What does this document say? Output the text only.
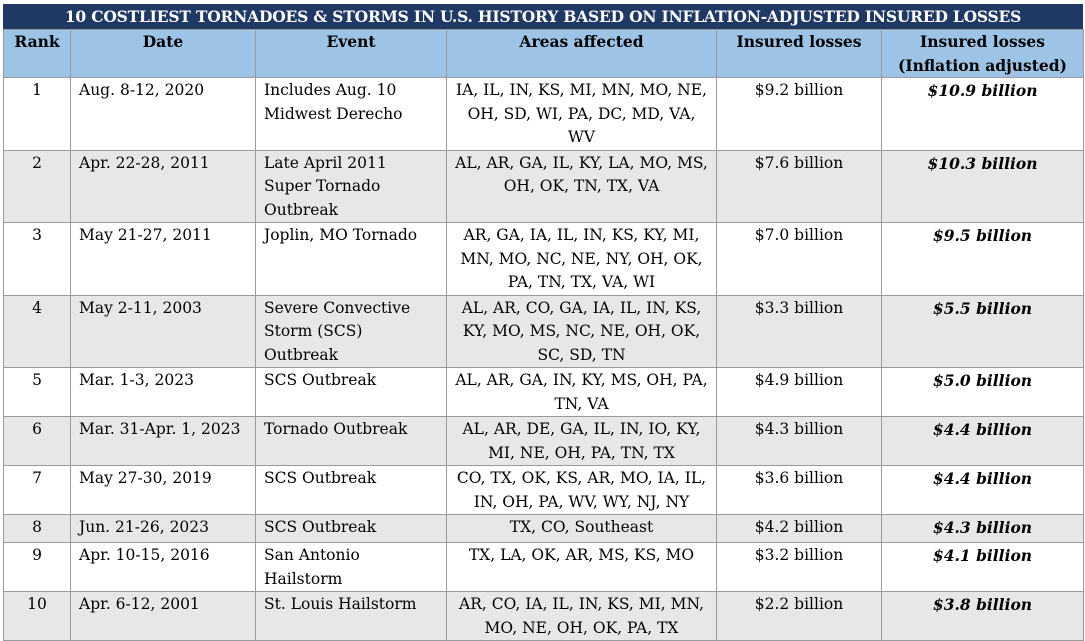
10 COSTLIEST TORNADOES & STORMS IN U.S. HISTORY BASED ON INFLATION-ADJUSTED INSURED LOSSES
Rank	Date	Event	Areas affected	Insured losses	Insured losses (Inflation adjusted)
1	Aug. 8-12, 2020	Includes Aug. 10 Midwest Derecho	IA, IL, IN, KS, MI, MN, MO, NE, OH, SD, WI, PA, DC, MD, VA, WV	$9.2 billion	$10.9 billion
2	Apr. 22-28, 2011	Late April 2011 Super Tornado Outbreak	AL, AR, GA, IL, KY, LA, MO, MS, OH, OK, TN, TX, VA	$7.6 billion	$10.3 billion
3	May 21-27, 2011	Joplin, MO Tornado	AR, GA, IA, IL, IN, KS, KY, MI, MN, MO, NC, NE, NY, OH, OK, PA, TN, TX, VA, WI	$7.0 billion	$9.5 billion
4	May 2-11, 2003	Severe Convective Storm (SCS) Outbreak	AL, AR, CO, GA, IA, IL, IN, KS, KY, MO, MS, NC, NE, OH, OK, SC, SD, TN	$3.3 billion	$5.5 billion
5	Mar. 1-3, 2023	SCS Outbreak	AL, AR, GA, IN, KY, MS, OH, PA, TN, VA	$4.9 billion	$5.0 billion
6	Mar. 31-Apr. 1, 2023	Tornado Outbreak	AL, AR, DE, GA, IL, IN, IO, KY, MI, NE, OH, PA, TN, TX	$4.3 billion	$4.4 billion
7	May 27-30, 2019	SCS Outbreak	CO, TX, OK, KS, AR, MO, IA, IL, IN, OH, PA, WV, WY, NJ, NY	$3.6 billion	$4.4 billion
8	Jun. 21-26, 2023	SCS Outbreak	TX, CO, Southeast	$4.2 billion	$4.3 billion
9	Apr. 10-15, 2016	San Antonio Hailstorm	TX, LA, OK, AR, MS, KS, MO	$3.2 billion	$4.1 billion
10	Apr. 6-12, 2001	St. Louis Hailstorm	AR, CO, IA, IL, IN, KS, MI, MN, MO, NE, OH, OK, PA, TX	$2.2 billion	$3.8 billion
